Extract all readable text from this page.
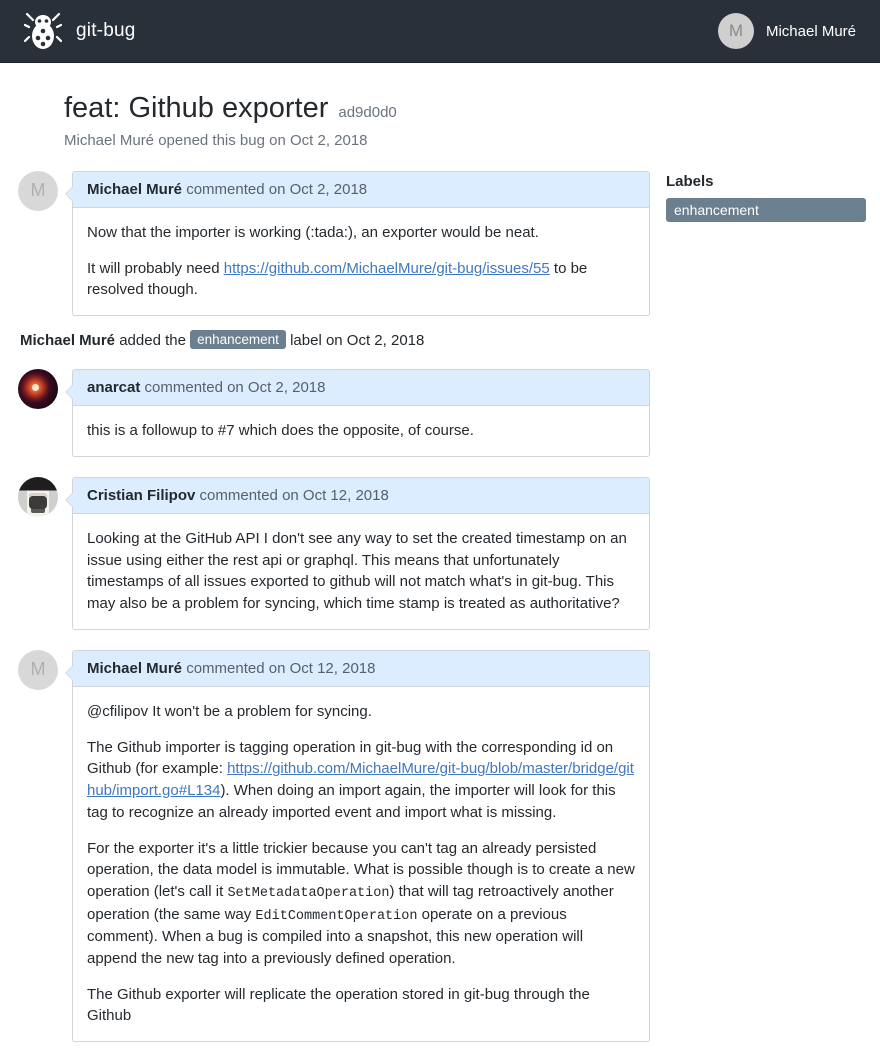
git-bug	M	Michael Muré
feat: Github exporter ad9d0d0
Michael Muré opened this bug on Oct 2, 2018
M	Michael Muré commented on Oct 2, 2018

Now that the importer is working (:tada:), an exporter would be neat.

It will probably need https://github.com/MichaelMure/git-bug/issues/55 to be resolved though.

Michael Muré added the enhancement label on Oct 2, 2018
anarcat commented on Oct 2, 2018

this is a followup to #7 which does the opposite, of course.

Cristian Filipov commented on Oct 12, 2018

Looking at the GitHub API I don't see any way to set the created timestamp on an issue using either the rest api or graphql. This means that unfortunately timestamps of all issues exported to github will not match what's in git-bug. This may also be a problem for syncing, which time stamp is treated as authoritative?

M	Michael Muré commented on Oct 12, 2018

@cfilipov It won't be a problem for syncing.

The Github importer is tagging operation in git-bug with the corresponding id on Github (for example: https://github.com/MichaelMure/git-bug/blob/master/bridge/github/import.go#L134). When doing an import again, the importer will look for this tag to recognize an already imported event and import what is missing.

For the exporter it's a little trickier because you can't tag an already persisted operation, the data model is immutable. What is possible though is to create a new operation (let's call it SetMetadataOperation) that will tag retroactively another operation (the same way EditCommentOperation operate on a previous comment). When a bug is compiled into a snapshot, this new operation will append the new tag into a previously defined operation.

The Github exporter will replicate the operation stored in git-bug through the Github

Labels
enhancement
